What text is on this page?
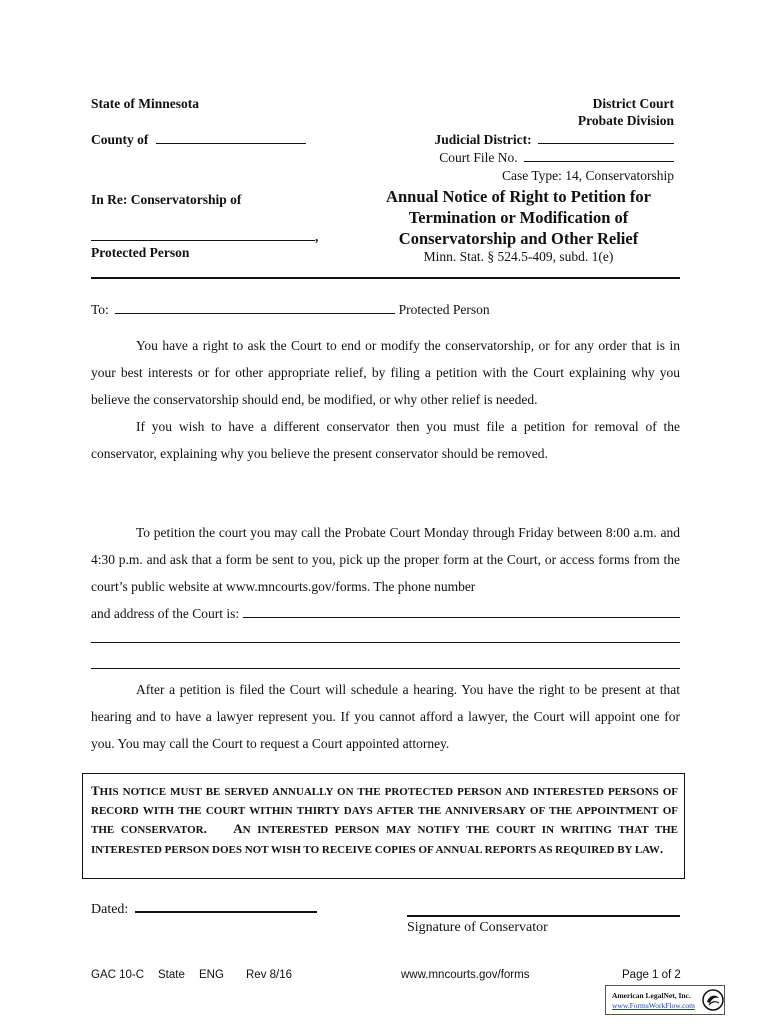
State of Minnesota
County of
In Re: Conservatorship of
,
Protected Person
District Court
Probate Division
Judicial District:
Court File No.
Case Type: 14, Conservatorship
Annual Notice of Right to Petition for
Termination or Modification of
Conservatorship and Other Relief
Minn. Stat. § 524.5-409, subd. 1(e)
To:	Protected Person

You have a right to ask the Court to end or modify the conservatorship, or for any order that is in your best interests or for other appropriate relief, by filing a petition with the Court explaining why you believe the conservatorship should end, be modified, or why other relief is needed.

If you wish to have a different conservator then you must file a petition for removal of the conservator, explaining why you believe the present conservator should be removed.

To petition the court you may call the Probate Court Monday through Friday between 8:00 a.m. and 4:30 p.m. and ask that a form be sent to you, pick up the proper form at the Court, or access forms from the court’s public website at www.mncourts.gov/forms. The phone number

and address of the Court is:

After a petition is filed the Court will schedule a hearing. You have the right to be present at that hearing and to have a lawyer represent you. If you cannot afford a lawyer, the Court will appoint one for you. You may call the Court to request a Court appointed attorney.

THIS NOTICE MUST BE SERVED ANNUALLY ON THE PROTECTED PERSON AND INTERESTED PERSONS OF RECORD WITH THE COURT WITHIN THIRTY DAYS AFTER THE ANNIVERSARY OF THE APPOINTMENT OF THE CONSERVATOR. AN INTERESTED PERSON MAY NOTIFY THE COURT IN WRITING THAT THE INTERESTED PERSON DOES NOT WISH TO RECEIVE COPIES OF ANNUAL REPORTS AS REQUIRED BY LAW.
Dated:
Signature of Conservator
GAC 10-C State ENG Rev 8/16	www.mncourts.gov/forms	Page 1 of 2
American LegalNet, Inc.
www.FormsWorkFlow.com
